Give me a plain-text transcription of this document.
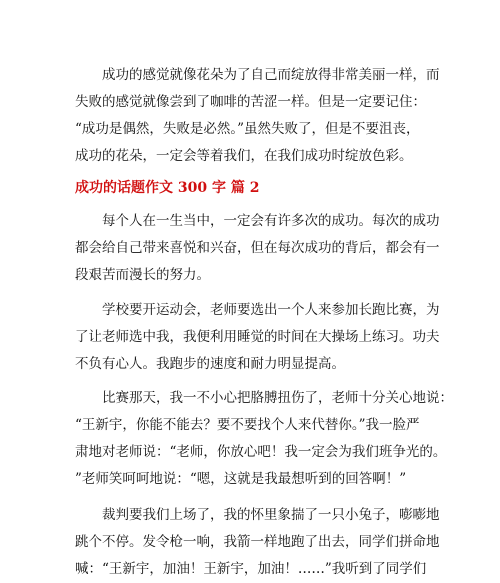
成功的感觉就像花朵为了自己而绽放得非常美丽一样，而
失败的感觉就像尝到了咖啡的苦涩一样。但是一定要记住：
“成功是偶然，失败是必然。”虽然失败了，但是不要沮丧，
成功的花朵，一定会等着我们，在我们成功时绽放色彩。
成功的话题作文 300 字 篇 2
每个人在一生当中，一定会有许多次的成功。每次的成功
都会给自己带来喜悦和兴奋，但在每次成功的背后，都会有一
段艰苦而漫长的努力。
学校要开运动会，老师要选出一个人来参加长跑比赛，为
了让老师选中我，我便利用睡觉的时间在大操场上练习。功夫
不负有心人。我跑步的速度和耐力明显提高。
比赛那天，我一不小心把胳膊扭伤了，老师十分关心地说：
“王新宇，你能不能去？要不要找个人来代替你。”我一脸严
肃地对老师说：“老师，你放心吧！我一定会为我们班争光的。
”老师笑呵呵地说：“嗯，这就是我最想听到的回答啊！”
裁判要我们上场了，我的怀里象揣了一只小兔子，嘭嘭地
跳个不停。发令枪一响，我箭一样地跑了出去，同学们拼命地
喊：“王新宇，加油！王新宇，加油！……”我听到了同学们
